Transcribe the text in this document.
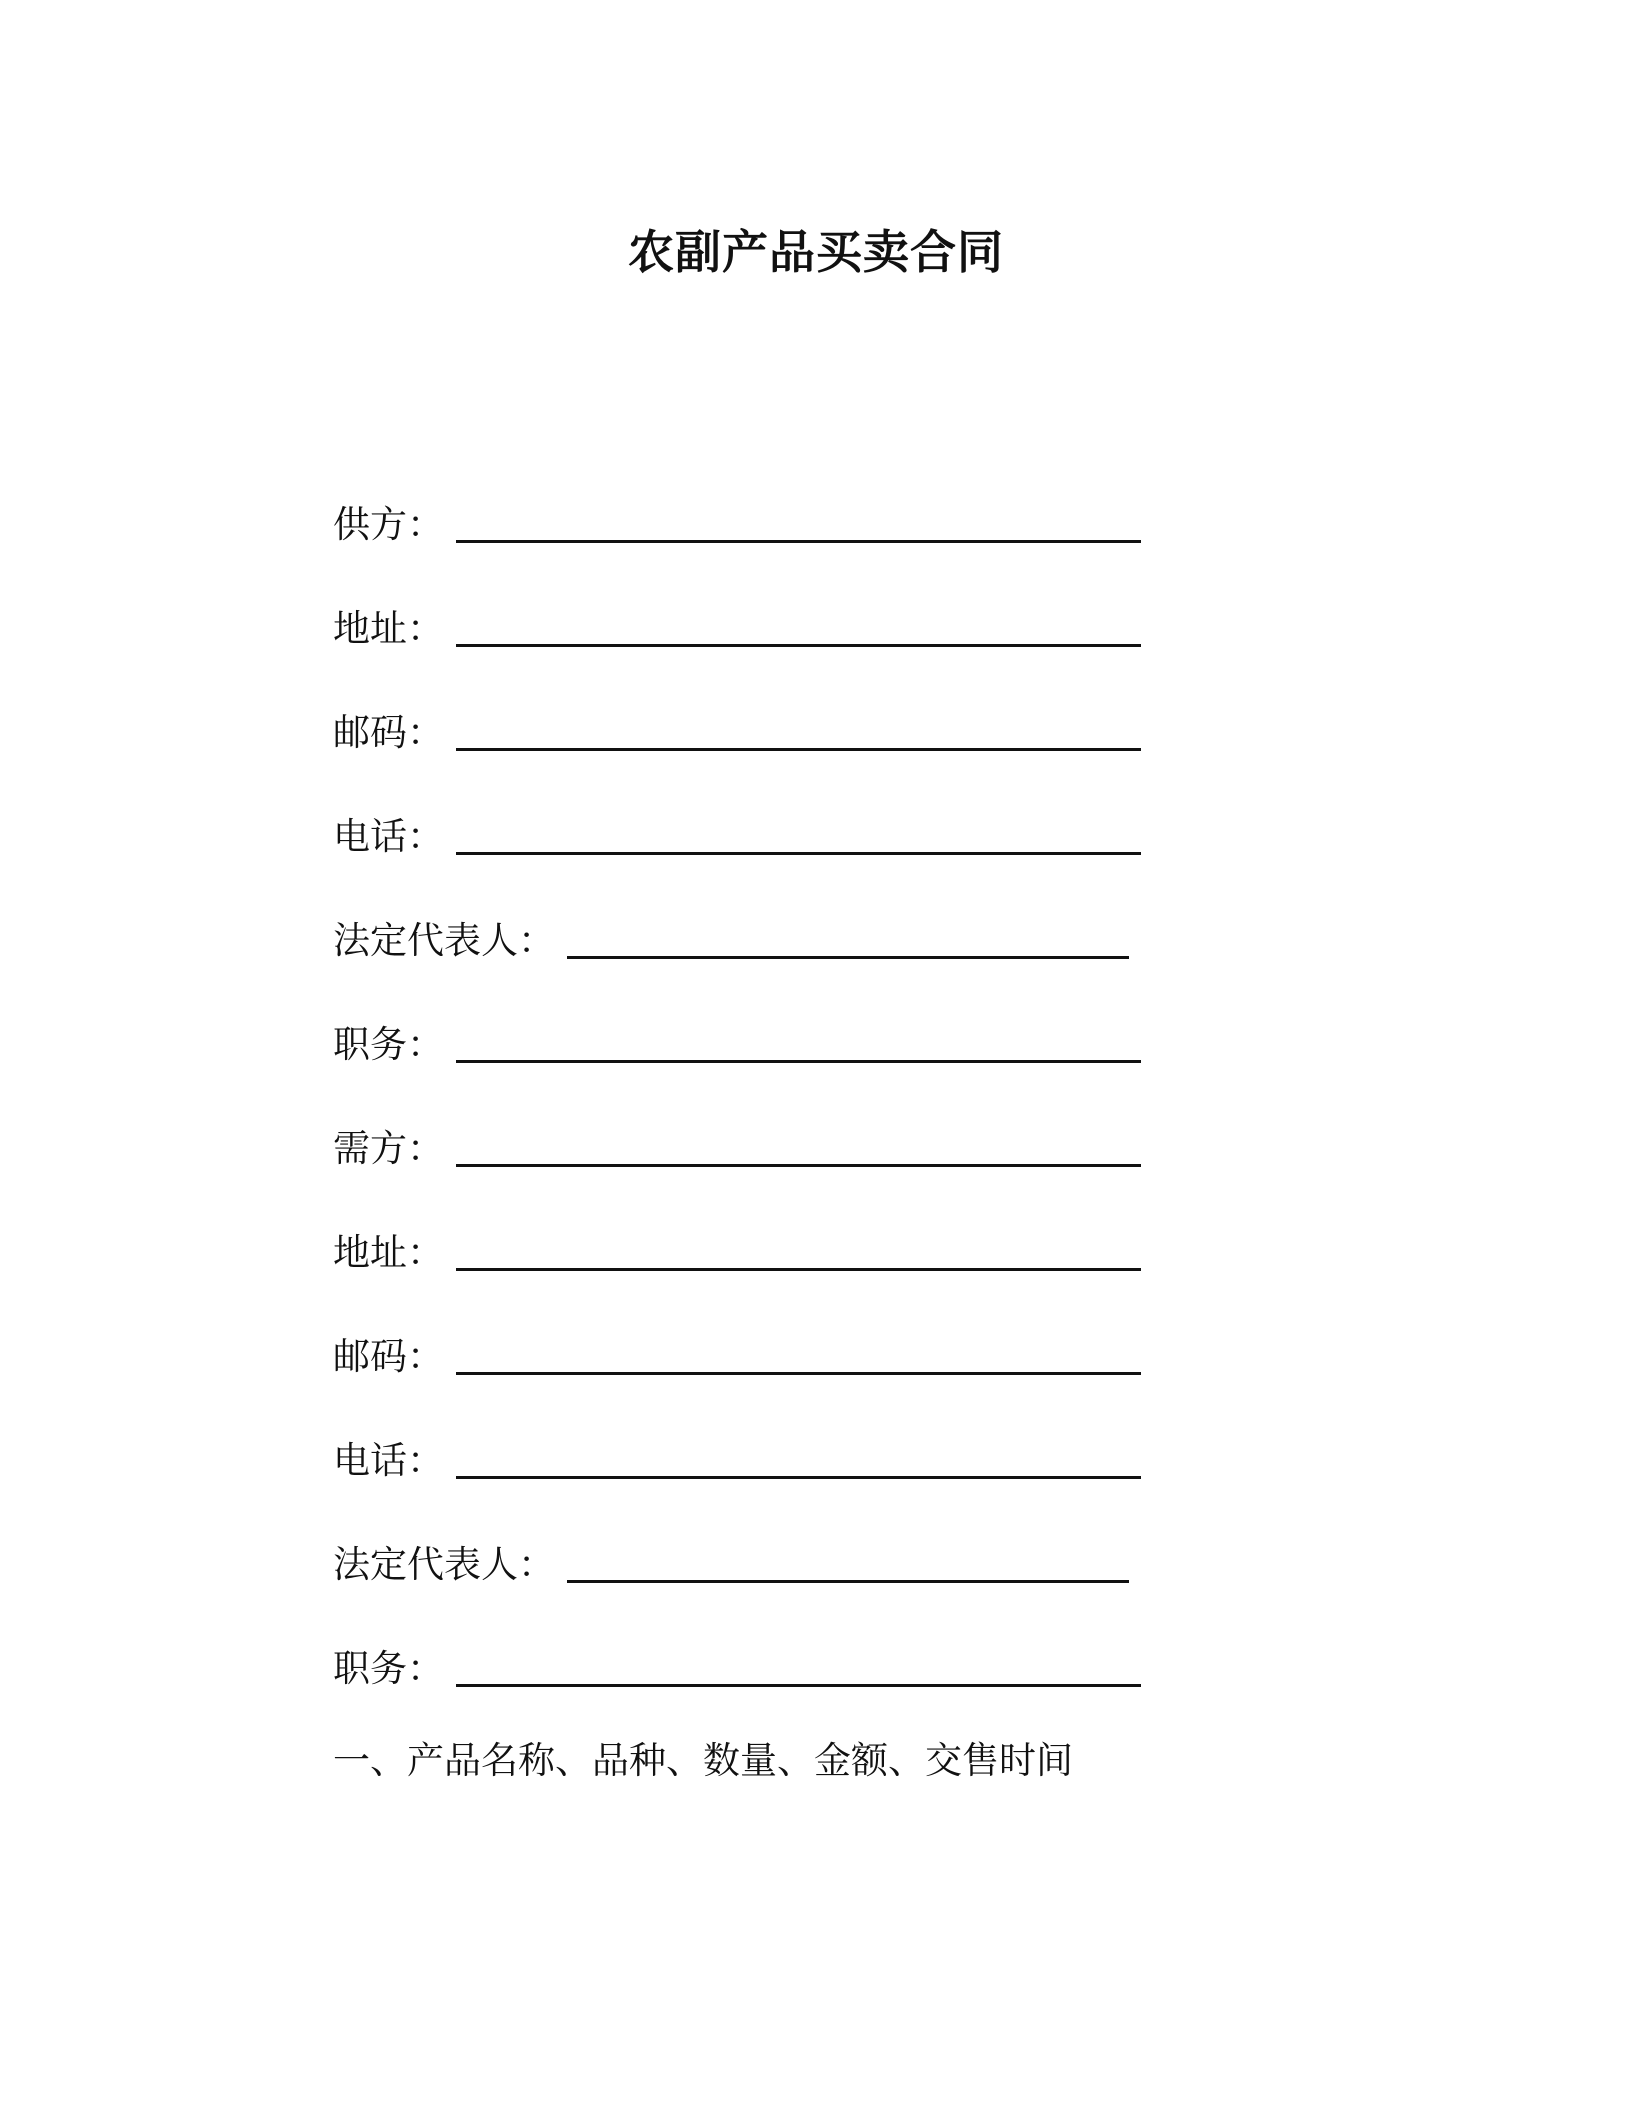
农副产品买卖合同
供方：
地址：
邮码：
电话：
法定代表人：
职务：
需方：
地址：
邮码：
电话：
法定代表人：
职务：
一、产品名称、品种、数量、金额、交售时间
